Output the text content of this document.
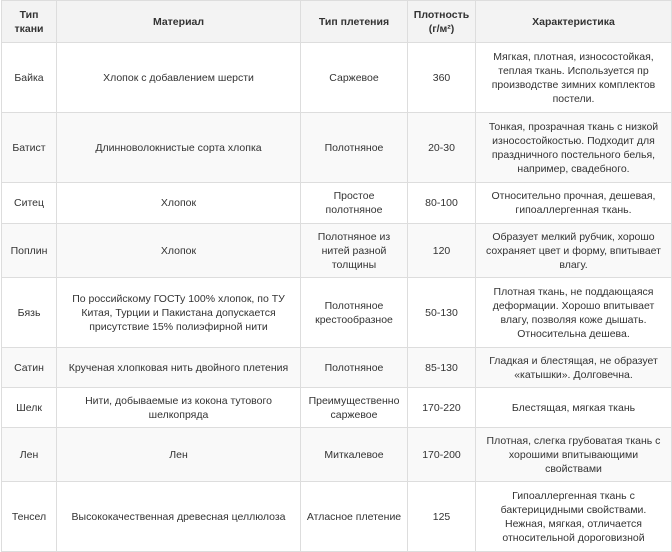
Тип ткани	Материал	Тип плетения	Плотность (г/м²)	Характеристика
Байка	Хлопок с добавлением шерсти	Саржевое	360	Мягкая, плотная, износостойкая, теплая ткань. Используется пр производстве зимних комплектов постели.
Батист	Длинноволокнистые сорта хлопка	Полотняное	20-30	Тонкая, прозрачная ткань с низкой износостойкостью. Подходит для праздничного постельного белья, например, свадебного.
Ситец	Хлопок	Простое полотняное	80-100	Относительно прочная, дешевая, гипоаллергенная ткань.
Поплин	Хлопок	Полотняное из нитей разной толщины	120	Образует мелкий рубчик, хорошо сохраняет цвет и форму, впитывает влагу.
Бязь	По российскому ГОСТу 100% хлопок, по ТУ Китая, Турции и Пакистана допускается присутствие 15% полиэфирной нити	Полотняное крестообразное	50-130	Плотная ткань, не поддающаяся деформации. Хорошо впитывает влагу, позволяя коже дышать. Относительна дешева.
Сатин	Крученая хлопковая нить двойного плетения	Полотняное	85-130	Гладкая и блестящая, не образует «катышки». Долговечна.
Шелк	Нити, добываемые из кокона тутового шелкопряда	Преимущественно саржевое	170-220	Блестящая, мягкая ткань
Лен	Лен	Миткалевое	170-200	Плотная, слегка грубоватая ткань с хорошими впитывающими свойствами
Тенсел	Высококачественная древесная целлюлоза	Атласное плетение	125	Гипоаллергенная ткань с бактерицидными свойствами. Нежная, мягкая, отличается относительной дороговизной
